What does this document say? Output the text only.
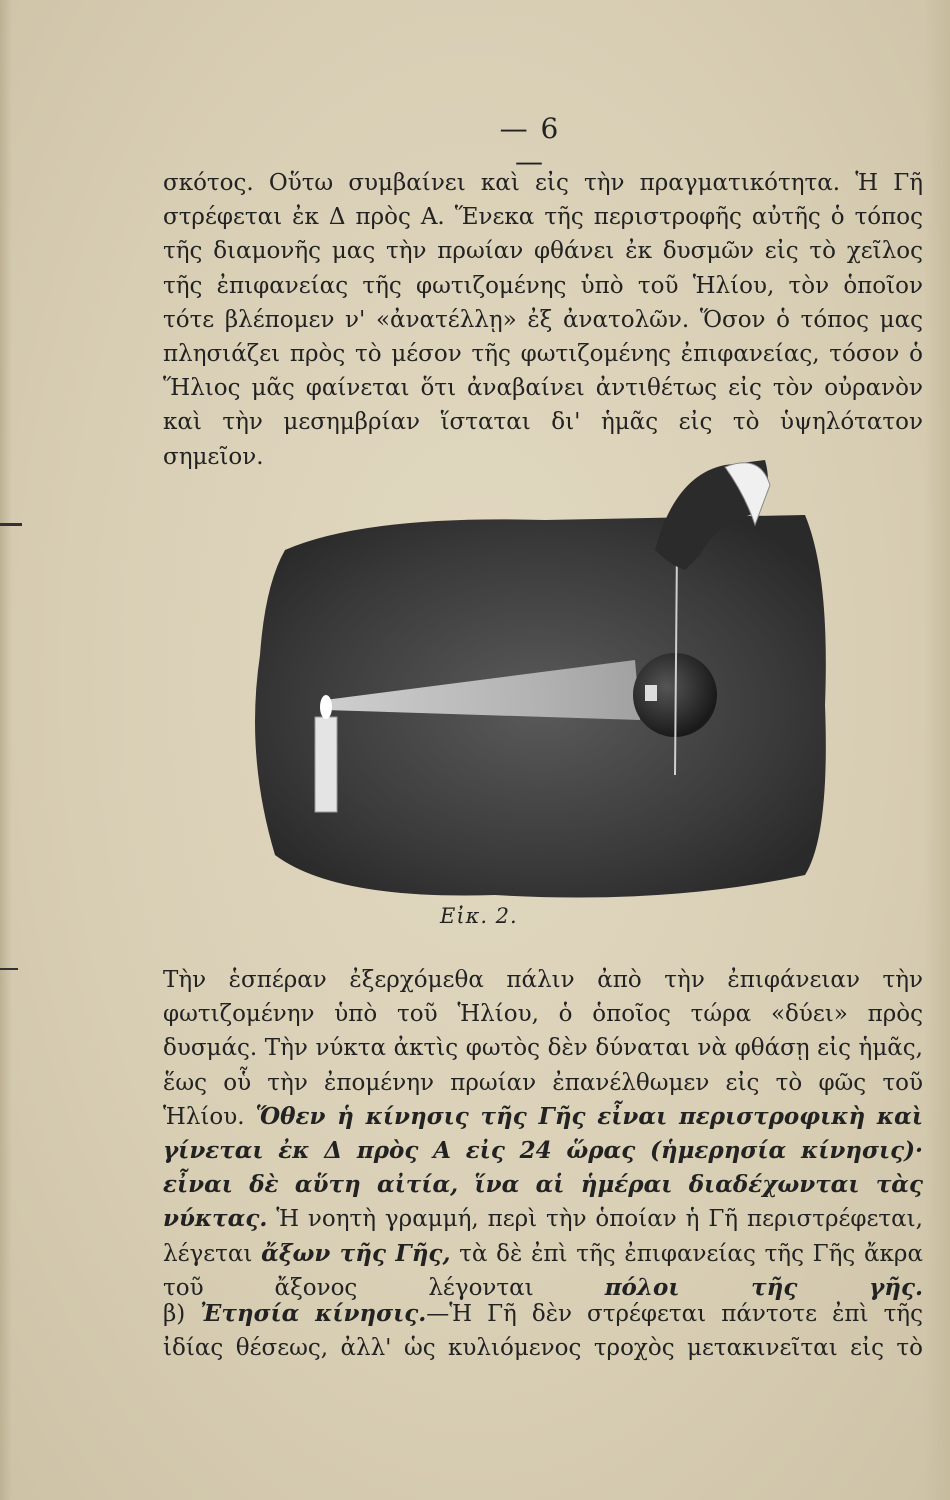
— 6 —

σκότος. Οὕτω συμβαίνει καὶ εἰς τὴν πραγματικότητα. Ἡ Γῆ στρέφεται ἐκ Δ πρὸς Α. Ἕνεκα τῆς περιστροφῆς αὐτῆς ὁ τόπος τῆς διαμονῆς μας τὴν πρωίαν φθάνει ἐκ δυσμῶν εἰς τὸ χεῖλος τῆς ἐπιφανείας τῆς φωτιζομένης ὑπὸ τοῦ Ἡλίου, τὸν ὁποῖον τότε βλέπομεν ν' «ἀνατέλλῃ» ἐξ ἀνατολῶν. Ὅσον ὁ τόπος μας πλησιάζει πρὸς τὸ μέσον τῆς φωτιζομένης ἐπιφανείας, τόσον ὁ Ἥλιος μᾶς φαίνεται ὅτι ἀναβαίνει ἀντιθέτως εἰς τὸν οὐρανὸν καὶ τὴν μεσημβρίαν ἵσταται δι' ἡμᾶς εἰς τὸ ὑψηλότατον σημεῖον.

Εἰκ. 2.

Τὴν ἑσπέραν ἐξερχόμεθα πάλιν ἀπὸ τὴν ἐπιφάνειαν τὴν φωτιζομένην ὑπὸ τοῦ Ἡλίου, ὁ ὁποῖος τώρα «δύει» πρὸς δυσμάς. Τὴν νύκτα ἀκτὶς φωτὸς δὲν δύναται νὰ φθάσῃ εἰς ἡμᾶς, ἕως οὗ τὴν ἐπομένην πρωίαν ἐπανέλθωμεν εἰς τὸ φῶς τοῦ Ἡλίου. Ὅθεν ἡ κίνησις τῆς Γῆς εἶναι περιστροφικὴ καὶ γίνεται ἐκ Δ πρὸς Α εἰς 24 ὥρας (ἡμερησία κίνησις)· εἶναι δὲ αὕτη αἰτία, ἵνα αἱ ἡμέραι διαδέχωνται τὰς νύκτας. Ἡ νοητὴ γραμμή, περὶ τὴν ὁποίαν ἡ Γῆ περιστρέφεται, λέγεται ἄξων τῆς Γῆς, τὰ δὲ ἐπὶ τῆς ἐπιφανείας τῆς Γῆς ἄκρα τοῦ ἄξονος λέγονται πόλοι τῆς γῆς.

β) Ἐτησία κίνησις.—Ἡ Γῆ δὲν στρέφεται πάντοτε ἐπὶ τῆς ἰδίας θέσεως, ἀλλ' ὡς κυλιόμενος τροχὸς μετακινεῖται εἰς τὸ
